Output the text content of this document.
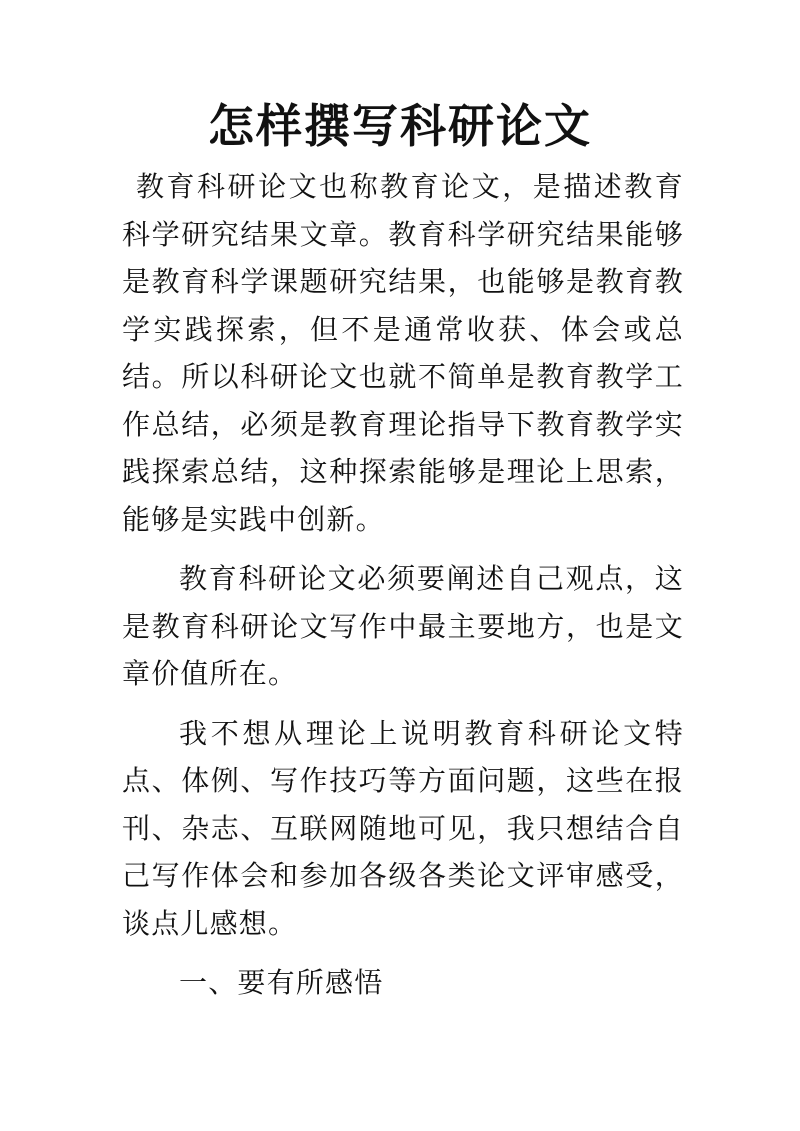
怎样撰写科研论文

教育科研论文也称教育论文，是描述教育科学研究结果文章。教育科学研究结果能够是教育科学课题研究结果，也能够是教育教学实践探索，但不是通常收获、体会或总结。所以科研论文也就不简单是教育教学工作总结，必须是教育理论指导下教育教学实践探索总结，这种探索能够是理论上思索，能够是实践中创新。

教育科研论文必须要阐述自己观点，这是教育科研论文写作中最主要地方，也是文章价值所在。

我不想从理论上说明教育科研论文特点、体例、写作技巧等方面问题，这些在报刊、杂志、互联网随地可见，我只想结合自己写作体会和参加各级各类论文评审感受，谈点儿感想。

一、要有所感悟
